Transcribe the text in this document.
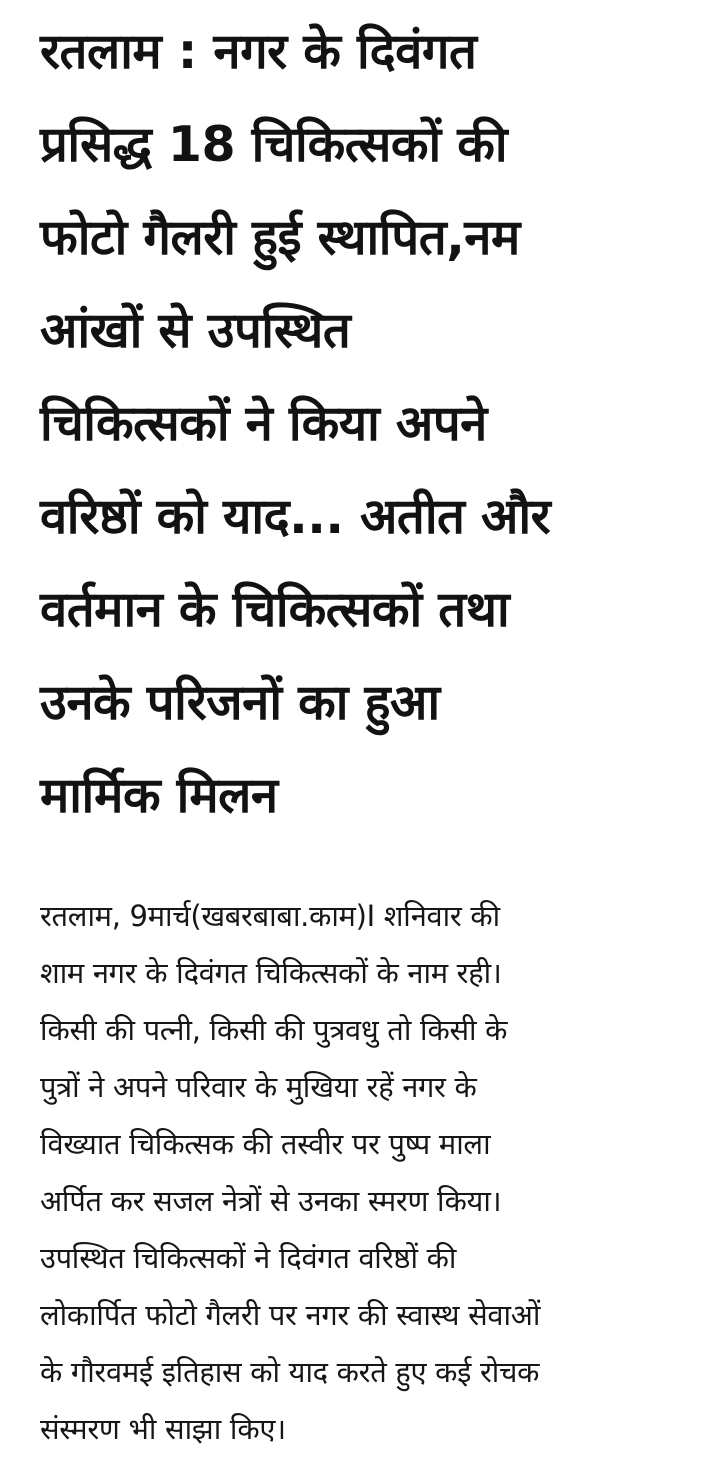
रतलाम : नगर के दिवंगत
प्रसिद्ध 18 चिकित्सकों की
फोटो गैलरी हुई स्थापित,नम
आंखों से उपस्थित
चिकित्सकों ने किया अपने
वरिष्ठों को याद... अतीत और
वर्तमान के चिकित्सकों तथा
उनके परिजनों का हुआ
मार्मिक मिलन

रतलाम, 9मार्च(खबरबाबा.काम)I शनिवार की
शाम नगर के दिवंगत चिकित्सकों के नाम रही।
किसी की पत्नी, किसी की पुत्रवधु तो किसी के
पुत्रों ने अपने परिवार के मुखिया रहें नगर के
विख्यात चिकित्सक की तस्वीर पर पुष्प माला
अर्पित कर सजल नेत्रों से उनका स्मरण किया।
उपस्थित चिकित्सकों ने दिवंगत वरिष्ठों की
लोकार्पित फोटो गैलरी पर नगर की स्वास्थ सेवाओं
के गौरवमई इतिहास को याद करते हुए कई रोचक
संस्मरण भी साझा किए।
